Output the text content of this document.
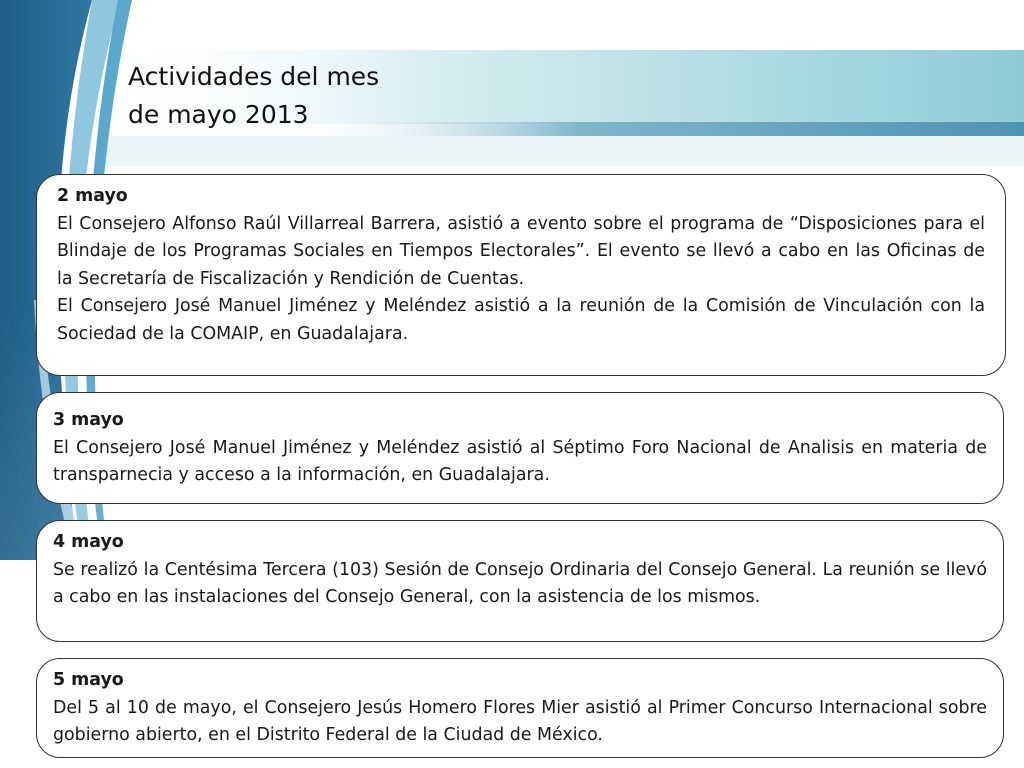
Actividades del mes
de mayo 2013
2 mayo

El Consejero Alfonso Raúl Villarreal Barrera, asistió a evento sobre el programa de “Disposiciones para el Blindaje de los Programas Sociales en Tiempos Electorales”. El evento se llevó a cabo en las Oficinas de la Secretaría de Fiscalización y Rendición de Cuentas.

El Consejero José Manuel Jiménez y Meléndez asistió a la reunión de la Comisión de Vinculación con la Sociedad de la COMAIP, en Guadalajara.

3 mayo

El Consejero José Manuel Jiménez y Meléndez asistió al Séptimo Foro Nacional de Analisis en materia de transparnecia y acceso a la información, en Guadalajara.

4 mayo

Se realizó la Centésima Tercera (103) Sesión de Consejo Ordinaria del Consejo General. La reunión se llevó a cabo en las instalaciones del Consejo General, con la asistencia de los mismos.

5 mayo

Del 5 al 10 de mayo, el Consejero Jesús Homero Flores Mier asistió al Primer Concurso Internacional sobre gobierno abierto, en el Distrito Federal de la Ciudad de México.
